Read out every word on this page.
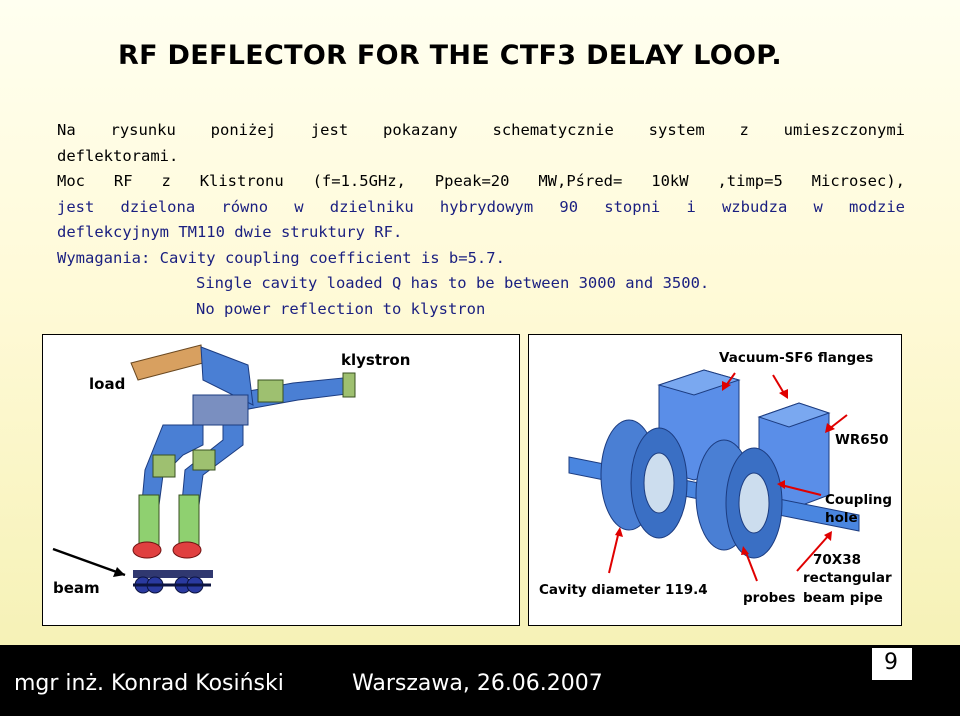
RF DEFLECTOR FOR THE CTF3 DELAY LOOP.
Na rysunku poniżej jest pokazany schematycznie system z umieszczonymi
deflektorami.
Moc RF z Klistronu (f=1.5GHz, Ppeak=20 MW,Pśred= 10kW ,timp=5 Microsec),
jest dzielona równo w dzielniku hybrydowym 90 stopni i wzbudza w modzie
deflekcyjnym TM110 dwie struktury RF.
Wymagania: Cavity coupling coefficient is b=5.7.
Single cavity loaded Q has to be between 3000 and 3500.
No power reflection to klystron
load
klystron
beam
Vacuum-SF6 flanges
WR650
Coupling
hole
70X38
rectangular
beam pipe
probes
Cavity diameter 119.4
mgr inż. Konrad Kosiński	Warszawa, 26.06.2007
9
